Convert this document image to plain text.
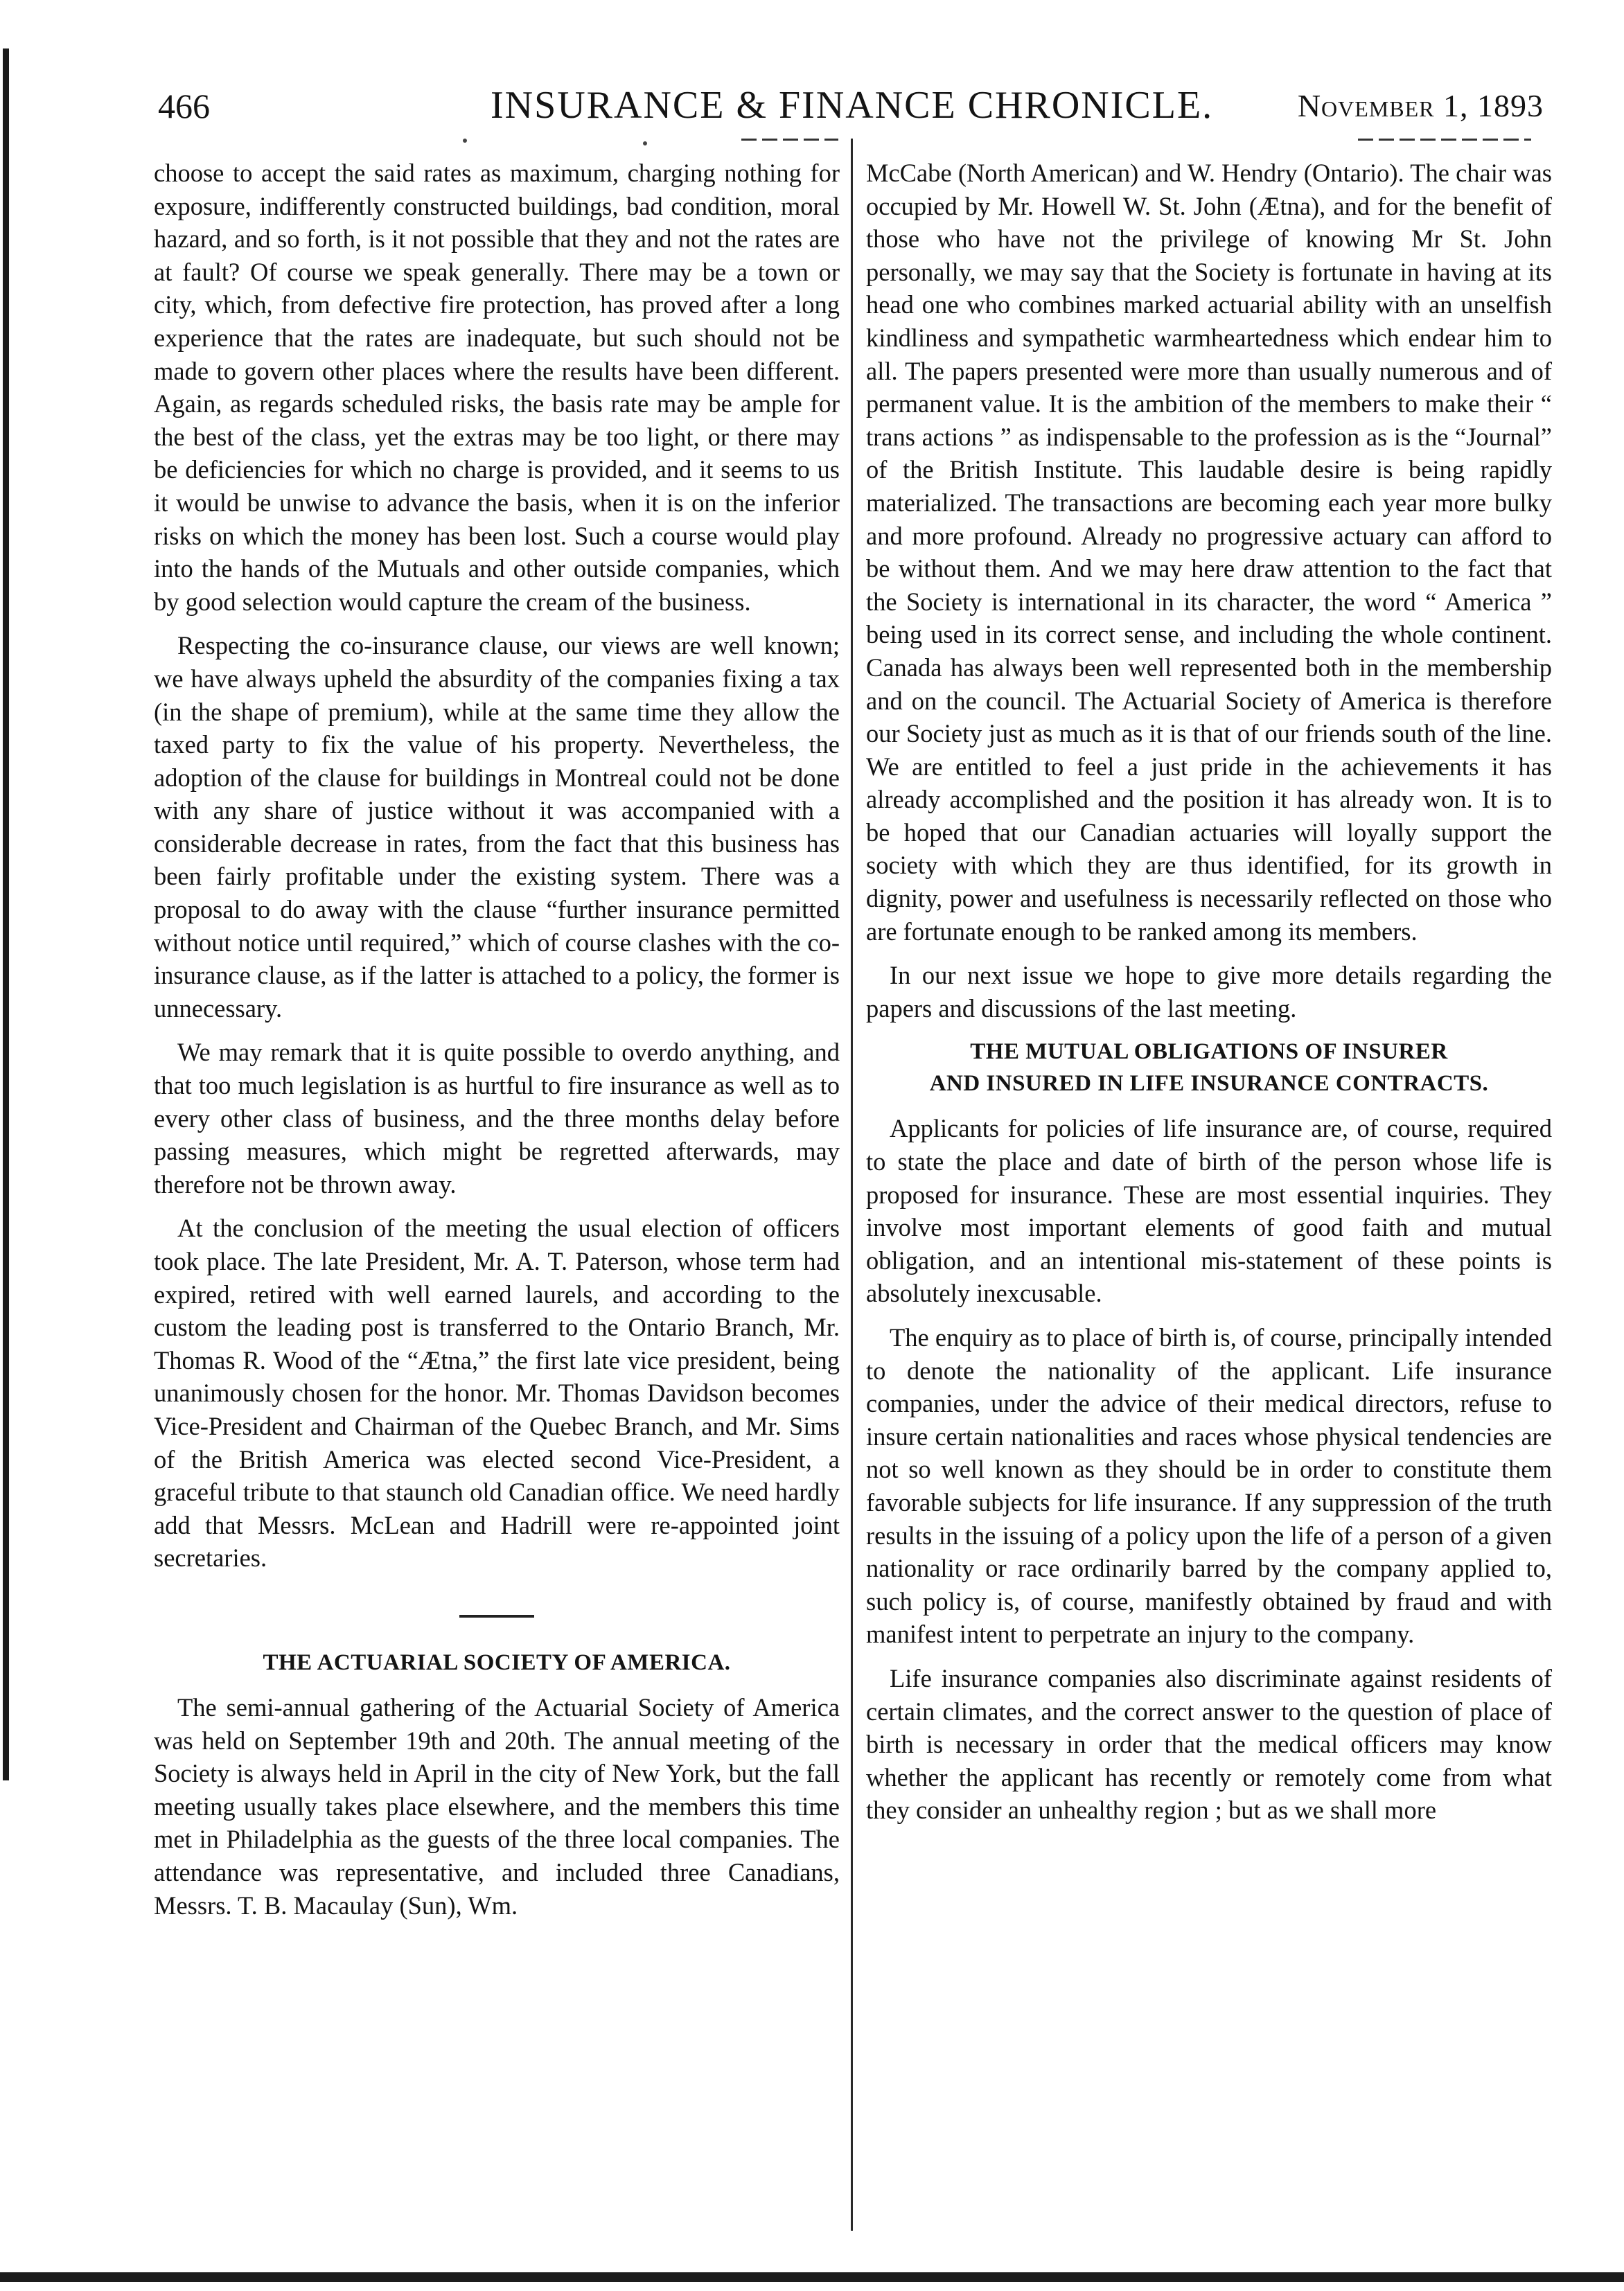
466	INSURANCE & FINANCE CHRONICLE.	November 1, 1893

choose to accept the said rates as maximum, charging nothing for exposure, indifferently constructed buildings, bad condition, moral hazard, and so forth, is it not possible that they and not the rates are at fault? Of course we speak generally. There may be a town or city, which, from defective fire protection, has proved after a long experience that the rates are inadequate, but such should not be made to govern other places where the results have been different. Again, as regards scheduled risks, the basis rate may be ample for the best of the class, yet the extras may be too light, or there may be deficiencies for which no charge is provided, and it seems to us it would be unwise to advance the basis, when it is on the inferior risks on which the money has been lost. Such a course would play into the hands of the Mutuals and other outside companies, which by good selection would capture the cream of the business.

Respecting the co-insurance clause, our views are well known; we have always upheld the absurdity of the companies fixing a tax (in the shape of premium), while at the same time they allow the taxed party to fix the value of his property. Nevertheless, the adoption of the clause for buildings in Montreal could not be done with any share of justice without it was accompanied with a considerable decrease in rates, from the fact that this business has been fairly profitable under the existing system. There was a proposal to do away with the clause “further insurance permitted without notice until required,” which of course clashes with the co-insurance clause, as if the latter is attached to a policy, the former is unnecessary.

We may remark that it is quite possible to overdo anything, and that too much legislation is as hurtful to fire insurance as well as to every other class of business, and the three months delay before passing measures, which might be regretted afterwards, may therefore not be thrown away.

At the conclusion of the meeting the usual election of officers took place. The late President, Mr. A. T. Paterson, whose term had expired, retired with well earned laurels, and according to the custom the leading post is transferred to the Ontario Branch, Mr. Thomas R. Wood of the “Ætna,” the first late vice president, being unanimously chosen for the honor. Mr. Thomas Davidson becomes Vice-President and Chairman of the Quebec Branch, and Mr. Sims of the British America was elected second Vice-President, a graceful tribute to that staunch old Canadian office. We need hardly add that Messrs. McLean and Hadrill were re-appointed joint secretaries.

THE ACTUARIAL SOCIETY OF AMERICA.

The semi-annual gathering of the Actuarial Society of America was held on September 19th and 20th. The annual meeting of the Society is always held in April in the city of New York, but the fall meeting usually takes place elsewhere, and the members this time met in Philadelphia as the guests of the three local companies. The attendance was representative, and included three Canadians, Messrs. T. B. Macaulay (Sun), Wm.

McCabe (North American) and W. Hendry (Ontario). The chair was occupied by Mr. Howell W. St. John (Ætna), and for the benefit of those who have not the privilege of knowing Mr St. John personally, we may say that the Society is fortunate in having at its head one who combines marked actuarial ability with an unselfish kindliness and sympathetic warmheartedness which endear him to all. The papers presented were more than usually numerous and of permanent value. It is the ambition of the members to make their “ trans actions ” as indispensable to the profession as is the “Journal” of the British Institute. This laudable desire is being rapidly materialized. The transactions are becoming each year more bulky and more profound. Already no progressive actuary can afford to be without them. And we may here draw attention to the fact that the Society is international in its character, the word “ America ” being used in its correct sense, and including the whole continent. Canada has always been well represented both in the membership and on the council. The Actuarial Society of America is therefore our Society just as much as it is that of our friends south of the line. We are entitled to feel a just pride in the achievements it has already accomplished and the position it has already won. It is to be hoped that our Canadian actuaries will loyally support the society with which they are thus identified, for its growth in dignity, power and usefulness is necessarily reflected on those who are fortunate enough to be ranked among its members.

In our next issue we hope to give more details regarding the papers and discussions of the last meeting.

THE MUTUAL OBLIGATIONS OF INSURER
AND INSURED IN LIFE INSURANCE CONTRACTS.

Applicants for policies of life insurance are, of course, required to state the place and date of birth of the person whose life is proposed for insurance. These are most essential inquiries. They involve most important elements of good faith and mutual obligation, and an intentional mis-statement of these points is absolutely inexcusable.

The enquiry as to place of birth is, of course, principally intended to denote the nationality of the applicant. Life insurance companies, under the advice of their medical directors, refuse to insure certain nationalities and races whose physical tendencies are not so well known as they should be in order to constitute them favorable subjects for life insurance. If any suppression of the truth results in the issuing of a policy upon the life of a person of a given nationality or race ordinarily barred by the company applied to, such policy is, of course, manifestly obtained by fraud and with manifest intent to perpetrate an injury to the company.

Life insurance companies also discriminate against residents of certain climates, and the correct answer to the question of place of birth is necessary in order that the medical officers may know whether the applicant has recently or remotely come from what they consider an unhealthy region ; but as we shall more
